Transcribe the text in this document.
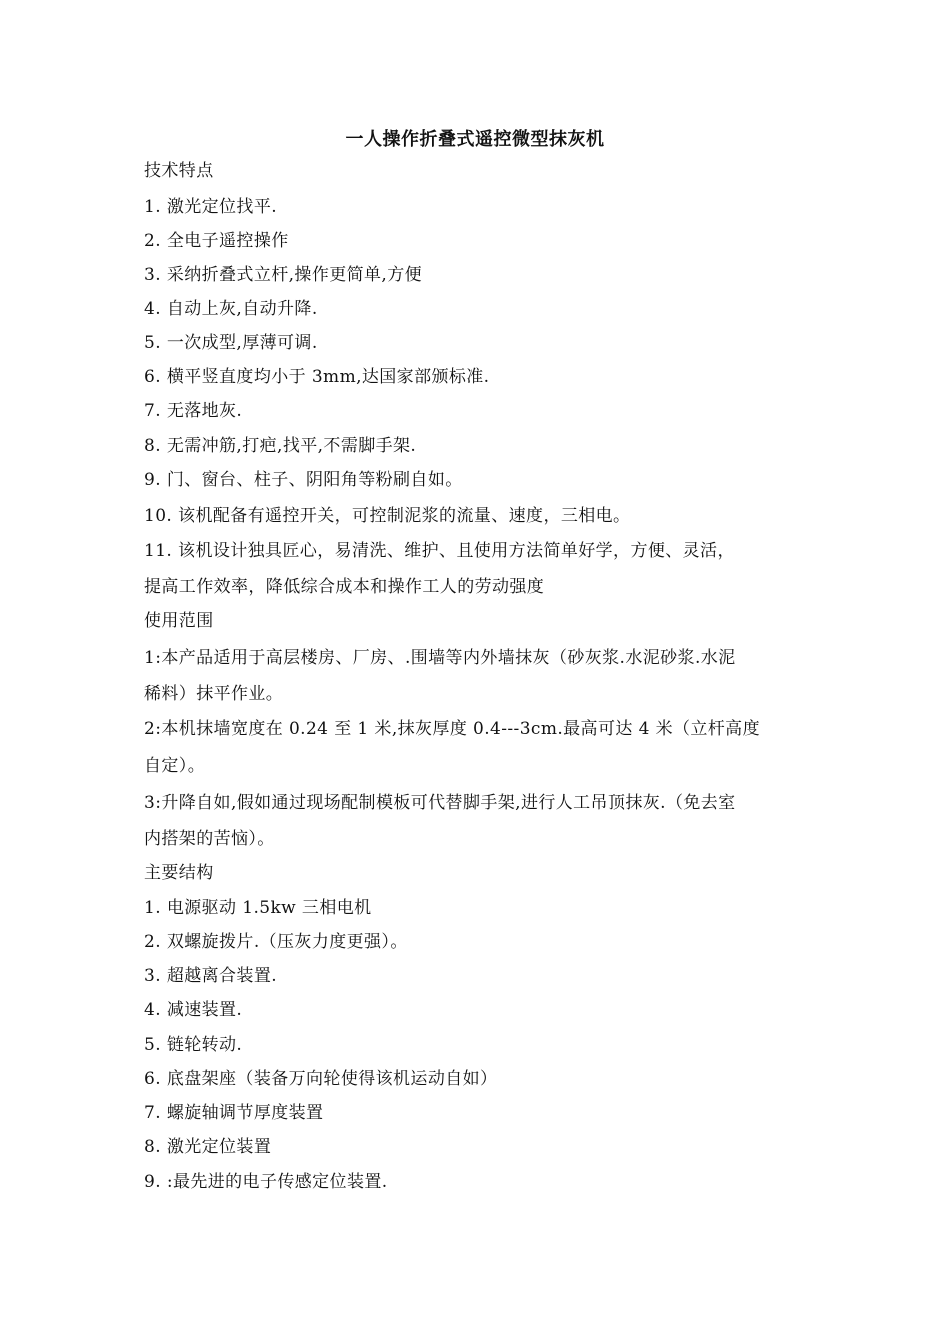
一人操作折叠式遥控微型抹灰机
技术特点
1. 激光定位找平.
2. 全电子遥控操作
3. 采纳折叠式立杆,操作更简单,方便
4. 自动上灰,自动升降.
5. 一次成型,厚薄可调.
6. 横平竖直度均小于 3mm,达国家部颁标准.
7. 无落地灰.
8. 无需冲筋,打疤,找平,不需脚手架.
9. 门、窗台、柱子、阴阳角等粉刷自如。
10. 该机配备有遥控开关，可控制泥浆的流量、速度，三相电。
11. 该机设计独具匠心，易清洗、维护、且使用方法简单好学，方便、灵活，
提高工作效率，降低综合成本和操作工人的劳动强度
使用范围
1:本产品适用于高层楼房、厂房、.围墙等内外墙抹灰（砂灰浆.水泥砂浆.水泥
稀料）抹平作业。
2:本机抹墙宽度在 0.24 至 1 米,抹灰厚度 0.4---3cm.最高可达 4 米（立杆高度
自定）。
3:升降自如,假如通过现场配制模板可代替脚手架,进行人工吊顶抹灰.（免去室
内搭架的苦恼）。
主要结构
1. 电源驱动 1.5kw 三相电机
2. 双螺旋拨片.（压灰力度更强）。
3. 超越离合装置.
4. 减速装置.
5. 链轮转动.
6. 底盘架座（装备万向轮使得该机运动自如）
7. 螺旋轴调节厚度装置
8. 激光定位装置
9. :最先进的电子传感定位装置.
